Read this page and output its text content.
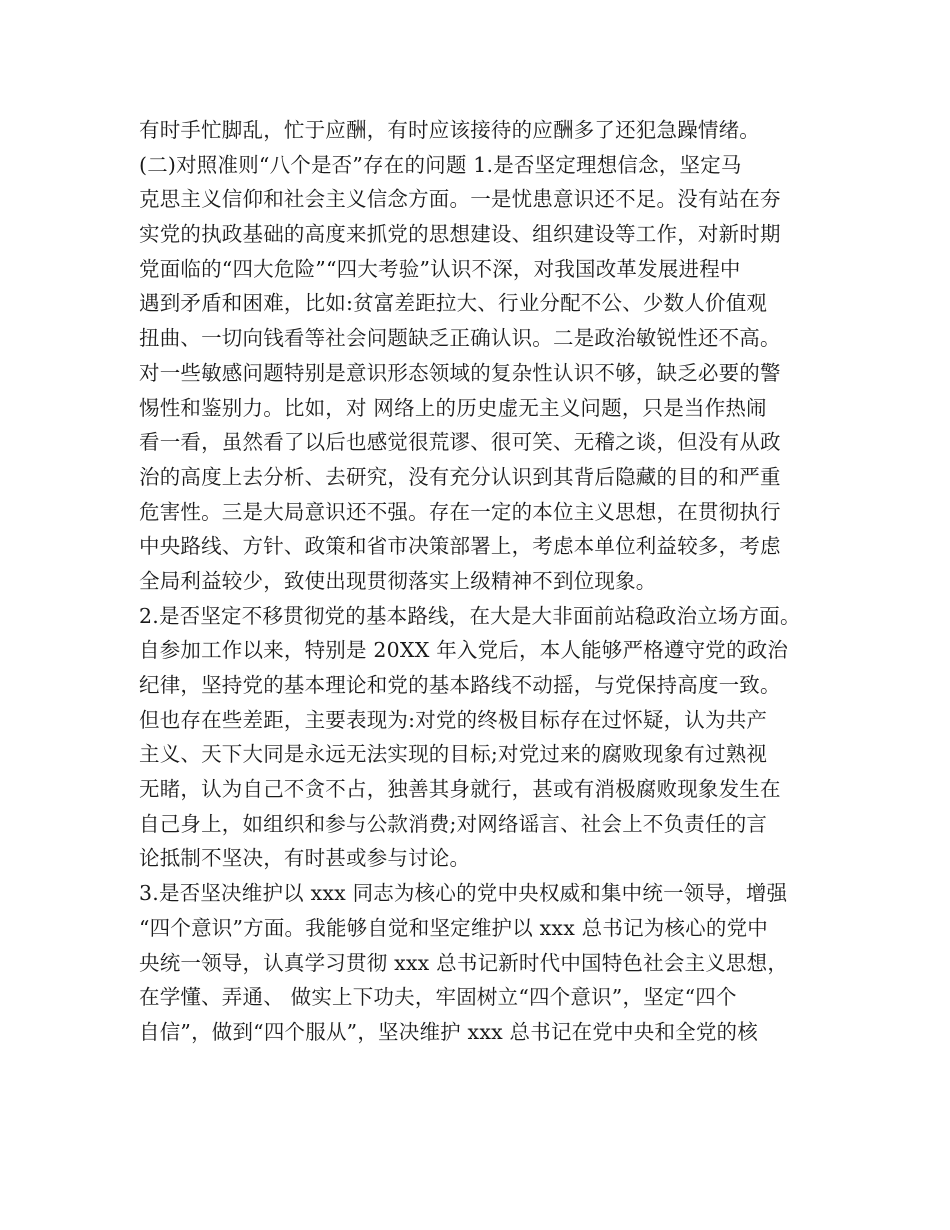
有时手忙脚乱，忙于应酬，有时应该接待的应酬多了还犯急躁情绪。
(二)对照准则“八个是否”存在的问题 1.是否坚定理想信念，坚定马
克思主义信仰和社会主义信念方面。一是忧患意识还不足。没有站在夯
实党的执政基础的高度来抓党的思想建设、组织建设等工作，对新时期
党面临的“四大危险”“四大考验”认识不深，对我国改革发展进程中
遇到矛盾和困难，比如:贫富差距拉大、行业分配不公、少数人价值观
扭曲、一切向钱看等社会问题缺乏正确认识。二是政治敏锐性还不高。
对一些敏感问题特别是意识形态领域的复杂性认识不够，缺乏必要的警
惕性和鉴别力。比如，对 网络上的历史虚无主义问题，只是当作热闹
看一看，虽然看了以后也感觉很荒谬、很可笑、无稽之谈，但没有从政
治的高度上去分析、去研究，没有充分认识到其背后隐藏的目的和严重
危害性。三是大局意识还不强。存在一定的本位主义思想，在贯彻执行
中央路线、方针、政策和省市决策部署上，考虑本单位利益较多，考虑
全局利益较少，致使出现贯彻落实上级精神不到位现象。
2.是否坚定不移贯彻党的基本路线，在大是大非面前站稳政治立场方面。
自参加工作以来，特别是 20XX 年入党后，本人能够严格遵守党的政治
纪律，坚持党的基本理论和党的基本路线不动摇，与党保持高度一致。
但也存在些差距，主要表现为:对党的终极目标存在过怀疑，认为共产
主义、天下大同是永远无法实现的目标;对党过来的腐败现象有过熟视
无睹，认为自己不贪不占，独善其身就行，甚或有消极腐败现象发生在
自己身上，如组织和参与公款消费;对网络谣言、社会上不负责任的言
论抵制不坚决，有时甚或参与讨论。
3.是否坚决维护以 xxx 同志为核心的党中央权威和集中统一领导，增强
“四个意识”方面。我能够自觉和坚定维护以 xxx 总书记为核心的党中
央统一领导，认真学习贯彻 xxx 总书记新时代中国特色社会主义思想，
在学懂、弄通、 做实上下功夫，牢固树立“四个意识”，坚定“四个
自信”，做到“四个服从”，坚决维护 xxx 总书记在党中央和全党的核
